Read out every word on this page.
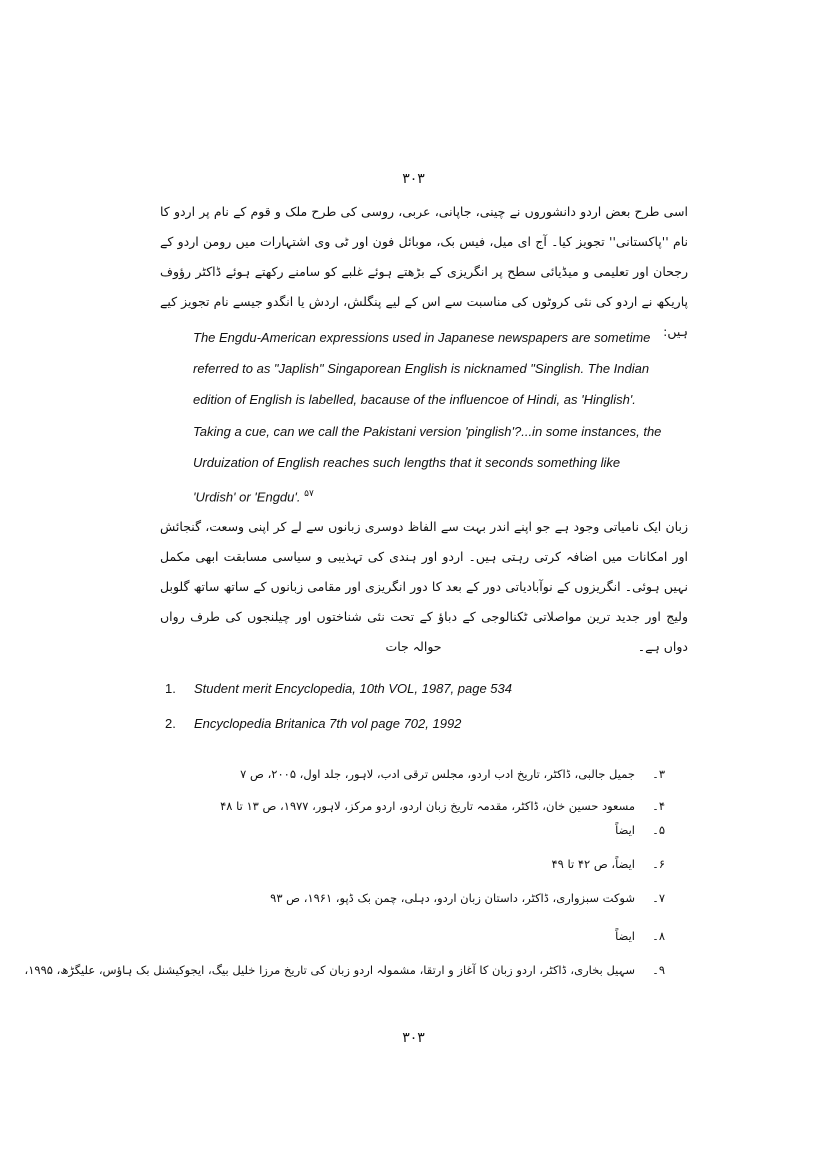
۳۰۳

اسی طرح بعض اردو دانشوروں نے چینی، جاپانی، عربی، روسی کی طرح ملک و قوم کے نام پر اردو کا نام ''پاکستانی'' تجویز کیا۔ آج ای میل، فیس بک، موبائل فون اور ٹی وی اشتہارات میں رومن اردو کے رجحان اور تعلیمی و میڈیائی سطح پر انگریزی کے بڑھتے ہوئے غلبے کو سامنے رکھتے ہوئے ڈاکٹر رؤوف پاریکھ نے اردو کی نئی کروٹوں کی مناسبت سے اس کے لیے پنگلش، اردش یا انگدو جیسے نام تجویز کیے ہیں:

The Engdu-American expressions used in Japanese newspapers are sometime referred to as "Japlish" Singaporean English is nicknamed "Singlish. The Indian edition of English is labelled, bacause of the influencoe of Hindi, as 'Hinglish'. Taking a cue, can we call the Pakistani version 'pinglish'?...in some instances, the Urduization of English reaches such lengths that it seconds something like 'Urdish' or 'Engdu'. $^{۵۷}$

زبان ایک نامیاتی وجود ہے جو اپنے اندر بہت سے الفاظ دوسری زبانوں سے لے کر اپنی وسعت، گنجائش اور امکانات میں اضافہ کرتی رہتی ہیں۔ اردو اور ہندی کی تہذیبی و سیاسی مسابقت ابھی مکمل نہیں ہوئی۔ انگریزوں کے نوآبادیاتی دور کے بعد کا دور انگریزی اور مقامی زبانوں کے ساتھ ساتھ گلوبل ولیج اور جدید ترین مواصلاتی ٹکنالوجی کے دباؤ کے تحت نئی شناختوں اور چیلنجوں کی طرف رواں دواں ہے۔

حوالہ جات
1. Student merit Encyclopedia, 10th VOL, 1987, page 534
2. Encyclopedia Britanica 7th vol page 702, 1992
۳۔جمیل جالبی، ڈاکٹر، تاریخ ادب اردو، مجلس ترقی ادب، لاہور، جلد اول، ۲۰۰۵، ص ۷
۴۔مسعود حسین خان، ڈاکٹر، مقدمہ تاریخ زبان اردو، اردو مرکز، لاہور، ۱۹۷۷، ص ۱۳ تا ۴۸
۵۔ایضاً
۶۔ایضاً، ص ۴۲ تا ۴۹
۷۔شوکت سبزواری، ڈاکٹر، داستان زبان اردو، دہلی، چمن بک ڈپو، ۱۹۶۱، ص ۹۳
۸۔ایضاً
۹۔سہیل بخاری، ڈاکٹر، اردو زبان کا آغاز و ارتقا، مشمولہ اردو زبان کی تاریخ مرزا خلیل بیگ، ایجوکیشنل بک ہاؤس، علیگڑھ، ۱۹۹۵،
۳۰۳
